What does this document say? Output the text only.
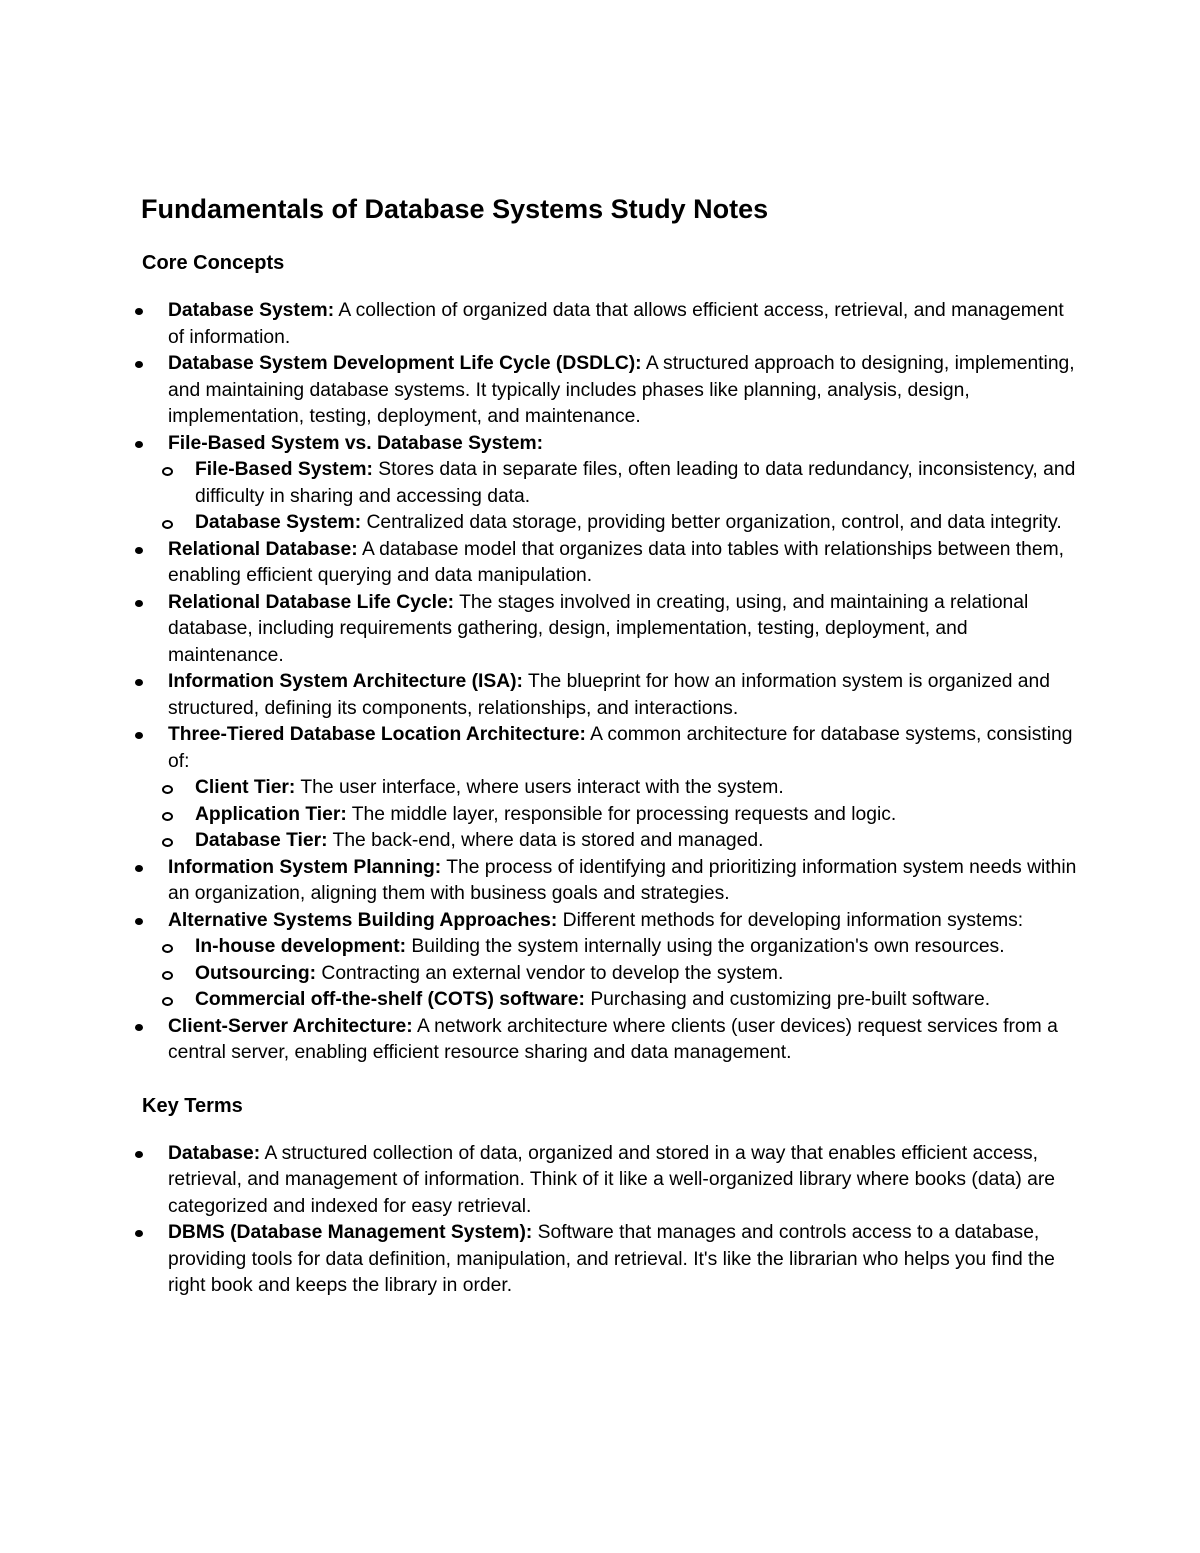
Fundamentals of Database Systems Study Notes
Core Concepts
Database System: A collection of organized data that allows efficient access, retrieval, and management of information.
Database System Development Life Cycle (DSDLC): A structured approach to designing, implementing, and maintaining database systems. It typically includes phases like planning, analysis, design, implementation, testing, deployment, and maintenance.
File-Based System vs. Database System:
File-Based System: Stores data in separate files, often leading to data redundancy, inconsistency, and difficulty in sharing and accessing data.
Database System: Centralized data storage, providing better organization, control, and data integrity.
Relational Database: A database model that organizes data into tables with relationships between them, enabling efficient querying and data manipulation.
Relational Database Life Cycle: The stages involved in creating, using, and maintaining a relational database, including requirements gathering, design, implementation, testing, deployment, and maintenance.
Information System Architecture (ISA): The blueprint for how an information system is organized and structured, defining its components, relationships, and interactions.
Three-Tiered Database Location Architecture: A common architecture for database systems, consisting of:
Client Tier: The user interface, where users interact with the system.
Application Tier: The middle layer, responsible for processing requests and logic.
Database Tier: The back-end, where data is stored and managed.
Information System Planning: The process of identifying and prioritizing information system needs within an organization, aligning them with business goals and strategies.
Alternative Systems Building Approaches: Different methods for developing information systems:
In-house development: Building the system internally using the organization's own resources.
Outsourcing: Contracting an external vendor to develop the system.
Commercial off-the-shelf (COTS) software: Purchasing and customizing pre-built software.
Client-Server Architecture: A network architecture where clients (user devices) request services from a central server, enabling efficient resource sharing and data management.
Key Terms
Database: A structured collection of data, organized and stored in a way that enables efficient access, retrieval, and management of information. Think of it like a well-organized library where books (data) are categorized and indexed for easy retrieval.
DBMS (Database Management System): Software that manages and controls access to a database, providing tools for data definition, manipulation, and retrieval. It's like the librarian who helps you find the right book and keeps the library in order.
